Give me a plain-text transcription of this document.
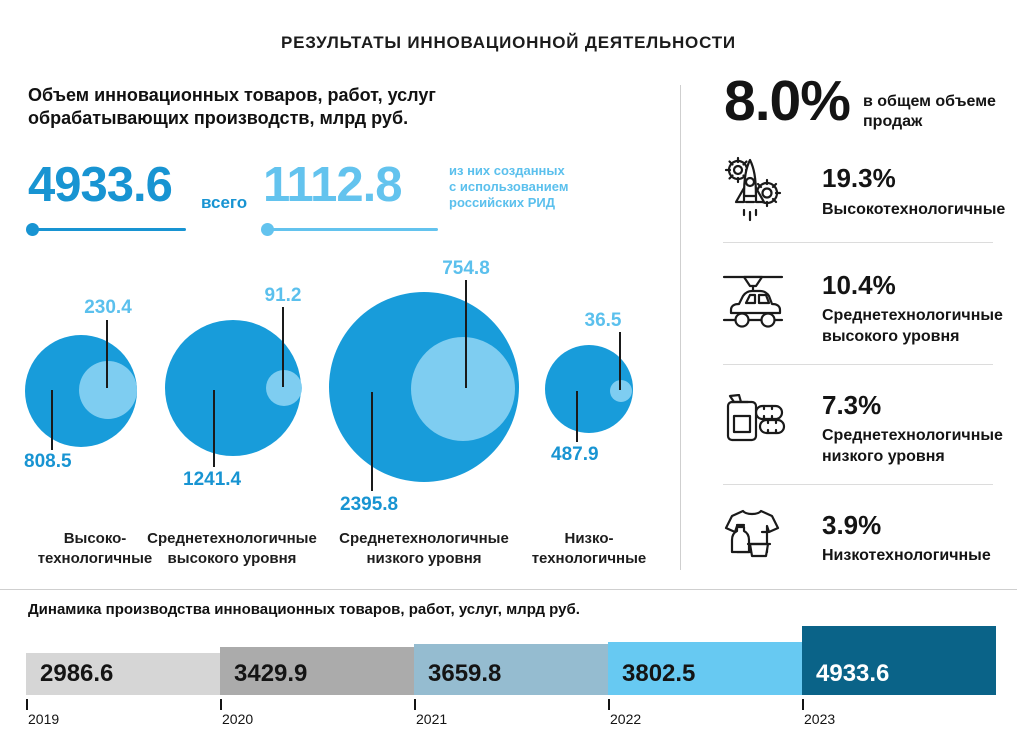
РЕЗУЛЬТАТЫ ИННОВАЦИОННОЙ ДЕЯТЕЛЬНОСТИ
Объем инновационных товаров, работ, услуг
обрабатывающих производств, млрд руб.
4933.6 всего 1112.8	из них созданных
с использованием
российских РИД
230.4
808.5
Высоко-
технологичные
91.2
1241.4
Среднетехнологичные
высокого уровня
754.8
2395.8
Среднетехнологичные
низкого уровня
36.5
487.9
Низко-
технологичные
8.0% в общем объеме
продаж
19.3%
Высокотехнологичные
10.4%
Среднетехнологичные
высокого уровня
7.3%
Среднетехнологичные
низкого уровня
3.9%
Низкотехнологичные
Динамика производства инновационных товаров, работ, услуг, млрд руб.
2986.6	3429.9	3659.8	3802.5	4933.6
2019	2020	2021	2022	2023
